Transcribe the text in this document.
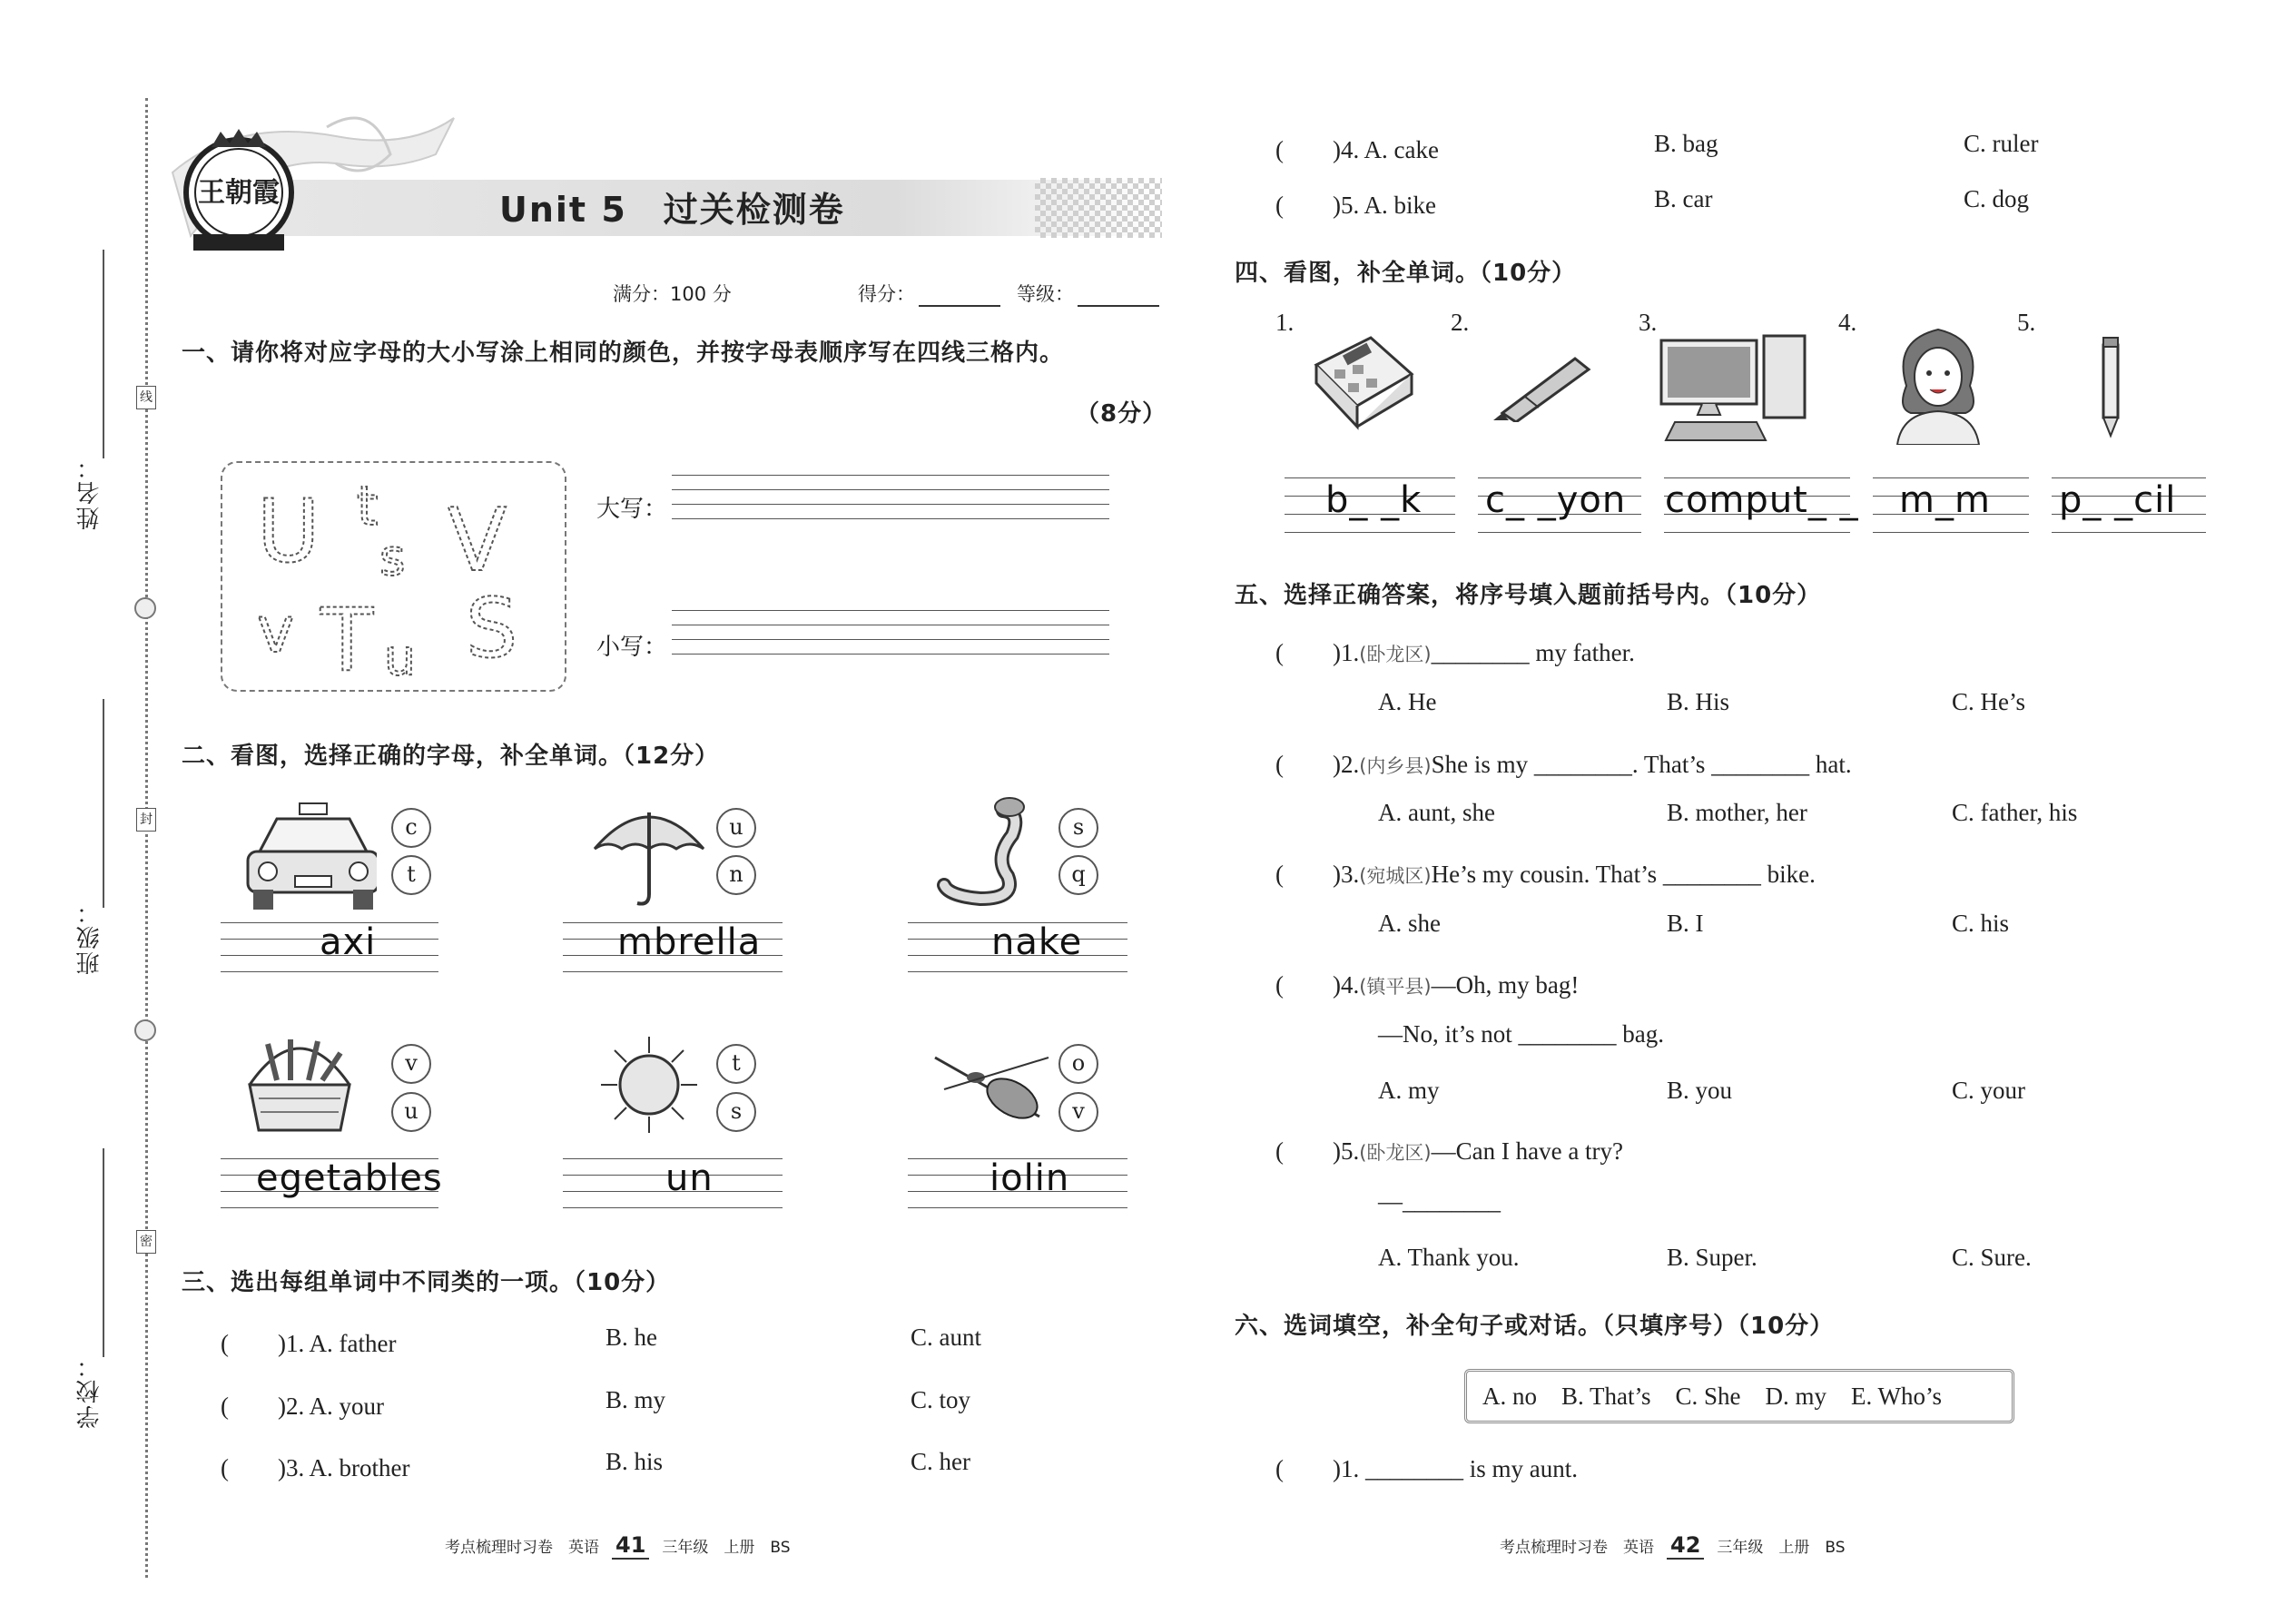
姓名：
班级：
学校：
线
封
密
王朝霞	Unit 5　过关检测卷
满分：100 分	得分：	等级：
一、请你将对应字母的大小写涂上相同的颜色，并按字母表顺序写在四线三格内。
（8分）
U t V
s
v T u S
大写：
小写：
二、看图，选择正确的字母，补全单词。（12分）
c
t
axi
u
n
mbrella
s
q
nake
v
u
egetables
t
s
un
o
v
iolin
三、选出每组单词中不同类的一项。（10分）
(　　)1. A. father	B. he	C. aunt
(　　)2. A. your	B. my	C. toy
(　　)3. A. brother	B. his	C. her
考点梳理时习卷　英语 41 三年级　上册　BS
(　　)4. A. cake	B. bag	C. ruler
(　　)5. A. bike	B. car	C. dog
四、看图，补全单词。（10分）
1.	2.	3.	4.	5.
b_ _k c_ _yon comput_ _ m_m p_ _cil
五、选择正确答案，将序号填入题前括号内。（10分）
(　　)1.(卧龙区)________ my father.
A. He	B. His	C. He’s
(　　)2.(内乡县)She is my ________. That’s ________ hat.
A. aunt, she	B. mother, her	C. father, his
(　　)3.(宛城区)He’s my cousin. That’s ________ bike.
A. she	B. I	C. his
(　　)4.(镇平县)—Oh, my bag!
—No, it’s not ________ bag.
A. my	B. you	C. your
(　　)5.(卧龙区)—Can I have a try?
—________
A. Thank you.	B. Super.	C. Sure.
六、选词填空，补全句子或对话。（只填序号）（10分）
A. no　B. That’s　C. She　D. my　E. Who’s
(　　)1. ________ is my aunt.
考点梳理时习卷　英语 42 三年级　上册　BS
